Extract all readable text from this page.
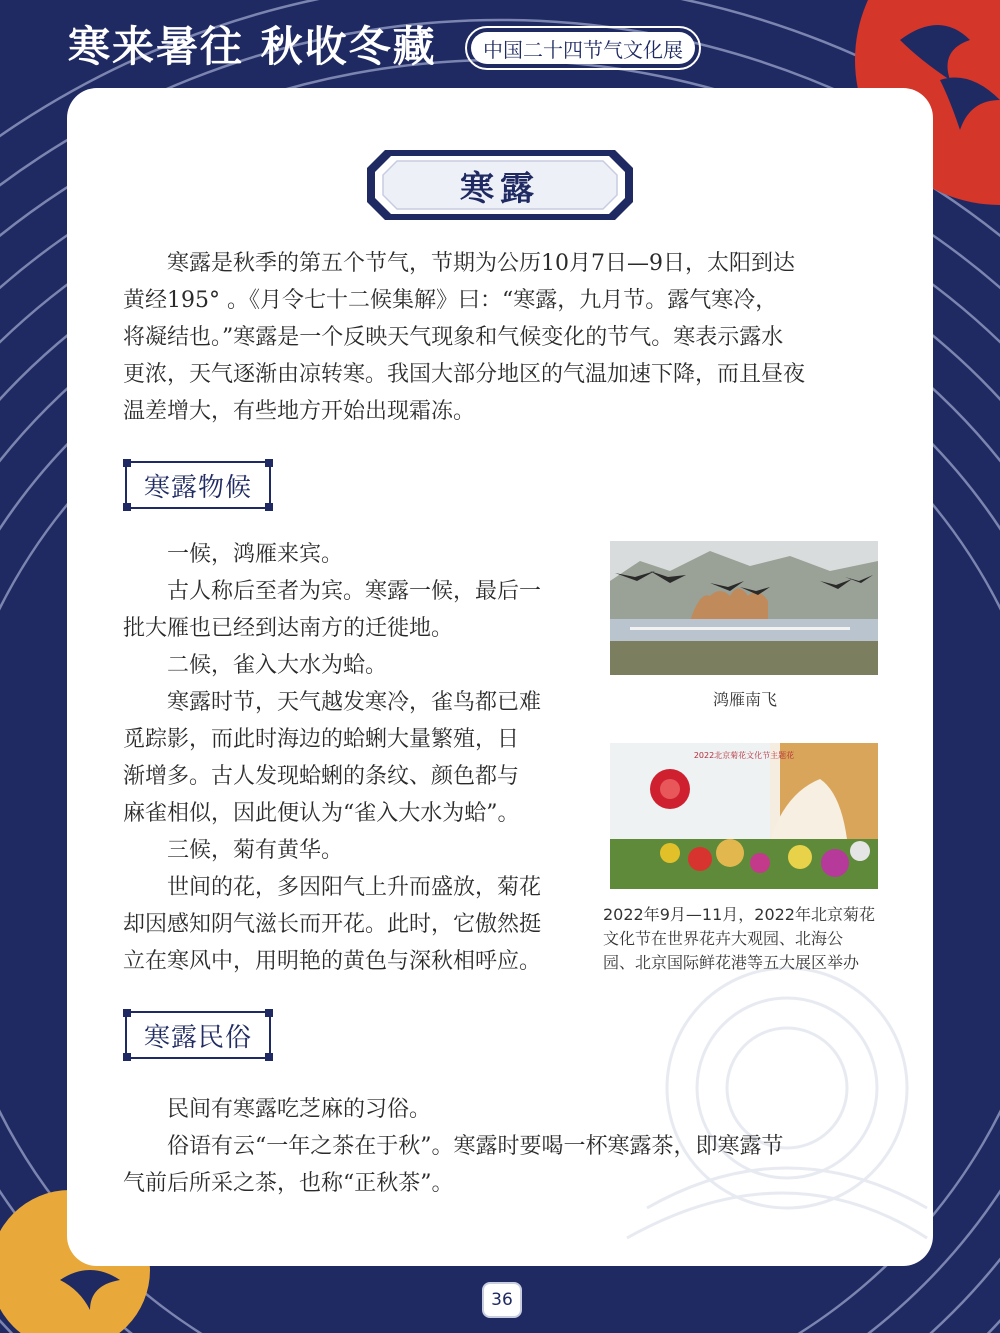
寒来暑往 秋收冬藏	中国二十四节气文化展
寒露

寒露是秋季的第五个节气，节期为公历10月7日—9日，太阳到达

黄经195° 。《月令七十二候集解》曰：“寒露，九月节。露气寒冷，

将凝结也。”寒露是一个反映天气现象和气候变化的节气。寒表示露水

更浓，天气逐渐由凉转寒。我国大部分地区的气温加速下降，而且昼夜

温差增大，有些地方开始出现霜冻。

寒露物候

一候，鸿雁来宾。

古人称后至者为宾。寒露一候，最后一

批大雁也已经到达南方的迁徙地。

二候，雀入大水为蛤。

寒露时节，天气越发寒冷，雀鸟都已难

觅踪影，而此时海边的蛤蜊大量繁殖，日

渐增多。古人发现蛤蜊的条纹、颜色都与

麻雀相似，因此便认为“雀入大水为蛤”。

三候，菊有黄华。

世间的花，多因阳气上升而盛放，菊花

却因感知阴气滋长而开花。此时，它傲然挺

立在寒风中，用明艳的黄色与深秋相呼应。

鸿雁南飞
2022北京菊花文化节主题花
2022年9月—11月，2022年北京菊花
文化节在世界花卉大观园、北海公
园、北京国际鲜花港等五大展区举办
寒露民俗

民间有寒露吃芝麻的习俗。

俗语有云“一年之茶在于秋”。寒露时要喝一杯寒露茶，即寒露节

气前后所采之茶，也称“正秋茶”。

36
